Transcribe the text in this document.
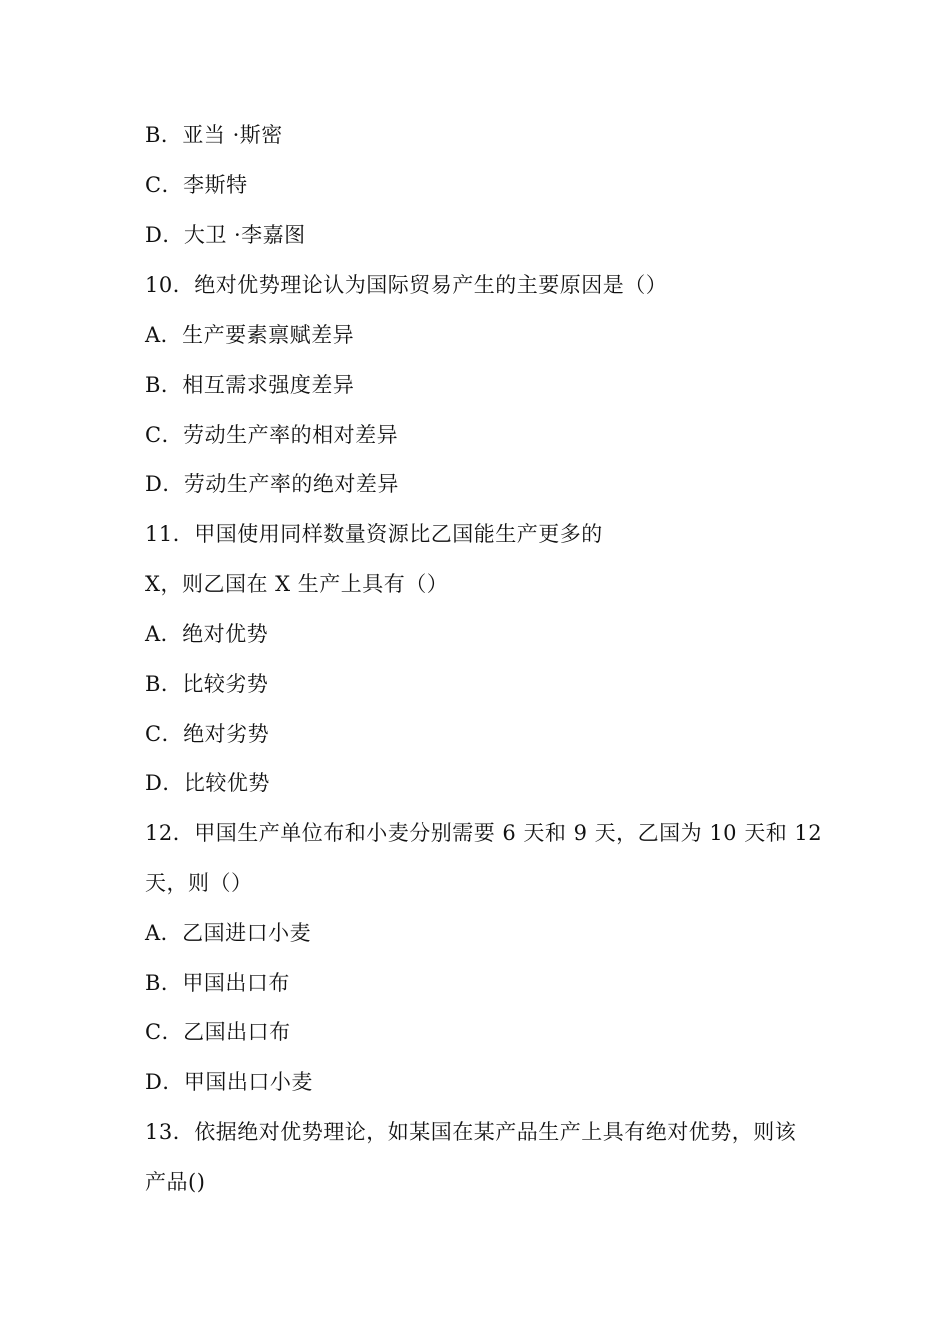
B．亚当 ·斯密
C．李斯特
D．大卫 ·李嘉图
10．绝对优势理论认为国际贸易产生的主要原因是（）
A．生产要素禀赋差异
B．相互需求强度差异
C．劳动生产率的相对差异
D．劳动生产率的绝对差异
11．甲国使用同样数量资源比乙国能生产更多的
X，则乙国在 X 生产上具有（）
A．绝对优势
B．比较劣势
C．绝对劣势
D．比较优势
12．甲国生产单位布和小麦分别需要 6 天和 9 天，乙国为 10 天和 12
天，则（）
A．乙国进口小麦
B．甲国出口布
C．乙国出口布
D．甲国出口小麦
13．依据绝对优势理论，如某国在某产品生产上具有绝对优势，则该
产品()
